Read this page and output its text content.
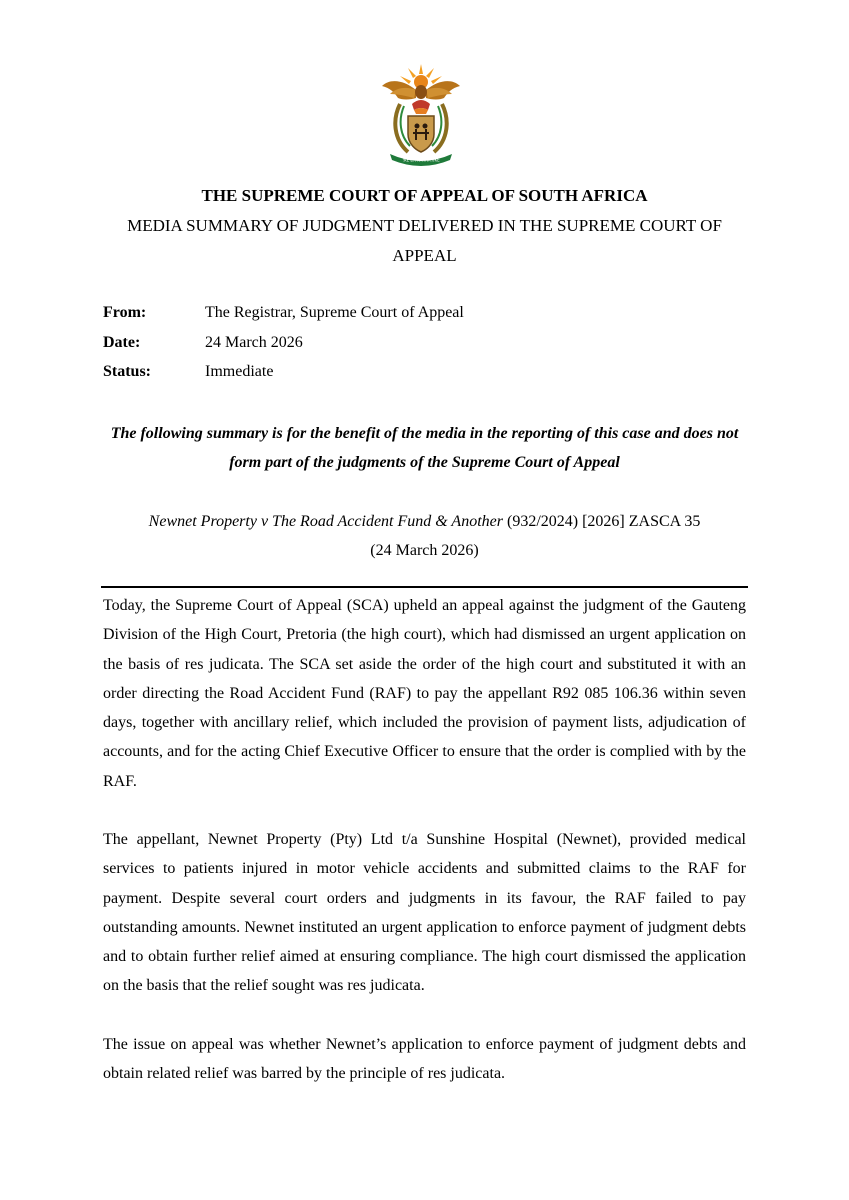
!KE E: /XARRA //KE
THE SUPREME COURT OF APPEAL OF SOUTH AFRICA
MEDIA SUMMARY OF JUDGMENT DELIVERED IN THE SUPREME COURT OF APPEAL
From:	The Registrar, Supreme Court of Appeal
Date:	24 March 2026
Status:	Immediate
The following summary is for the benefit of the media in the reporting of this case and does not form part of the judgments of the Supreme Court of Appeal
Newnet Property v The Road Accident Fund & Another (932/2024) [2026] ZASCA 35
(24 March 2026)

Today, the Supreme Court of Appeal (SCA) upheld an appeal against the judgment of the Gauteng Division of the High Court, Pretoria (the high court), which had dismissed an urgent application on the basis of res judicata. The SCA set aside the order of the high court and substituted it with an order directing the Road Accident Fund (RAF) to pay the appellant R92 085 106.36 within seven days, together with ancillary relief, which included the provision of payment lists, adjudication of accounts, and for the acting Chief Executive Officer to ensure that the order is complied with by the RAF.

The appellant, Newnet Property (Pty) Ltd t/a Sunshine Hospital (Newnet), provided medical services to patients injured in motor vehicle accidents and submitted claims to the RAF for payment. Despite several court orders and judgments in its favour, the RAF failed to pay outstanding amounts. Newnet instituted an urgent application to enforce payment of judgment debts and to obtain further relief aimed at ensuring compliance. The high court dismissed the application on the basis that the relief sought was res judicata.

The issue on appeal was whether Newnet’s application to enforce payment of judgment debts and obtain related relief was barred by the principle of res judicata.
